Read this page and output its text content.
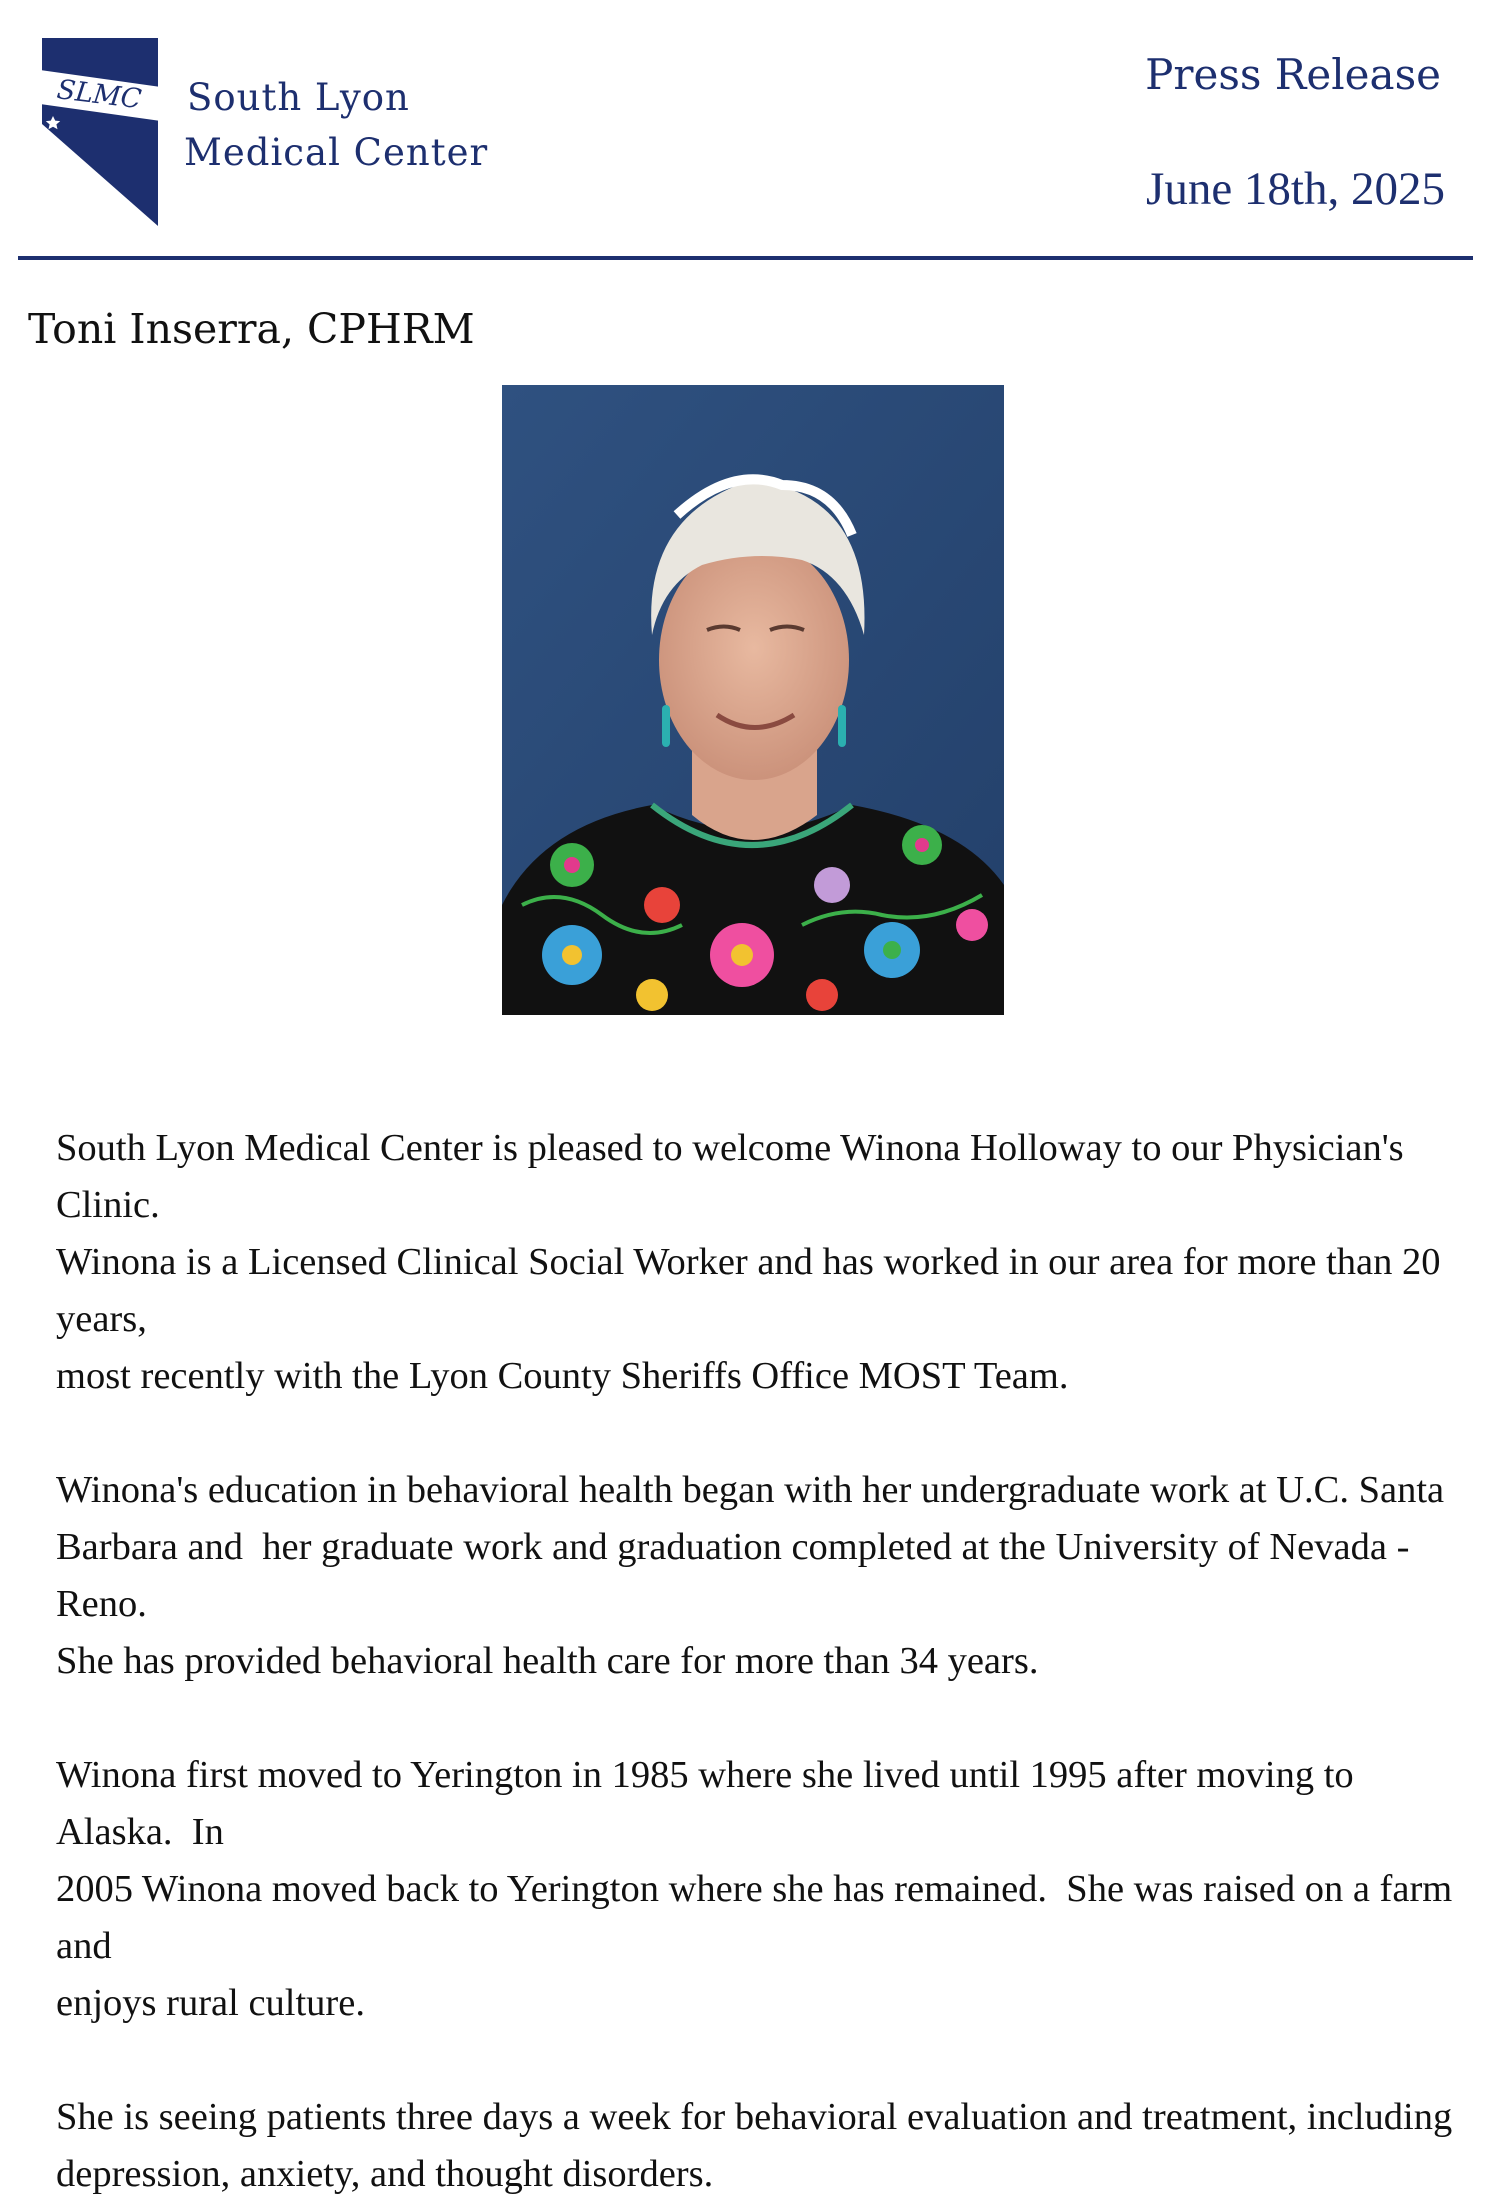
SLMC South Lyon
Medical Center
Press Release
June 18th, 2025
Toni Inserra, CPHRM

South Lyon Medical Center is pleased to welcome Winona Holloway to our Physician's Clinic.
Winona is a Licensed Clinical Social Worker and has worked in our area for more than 20 years,
most recently with the Lyon County Sheriffs Office MOST Team.

Winona's education in behavioral health began with her undergraduate work at U.C. Santa
Barbara and  her graduate work and graduation completed at the University of Nevada - Reno.
She has provided behavioral health care for more than 34 years.

Winona first moved to Yerington in 1985 where she lived until 1995 after moving to Alaska.  In
2005 Winona moved back to Yerington where she has remained.  She was raised on a farm and
enjoys rural culture.

She is seeing patients three days a week for behavioral evaluation and treatment, including
depression, anxiety, and thought disorders.
